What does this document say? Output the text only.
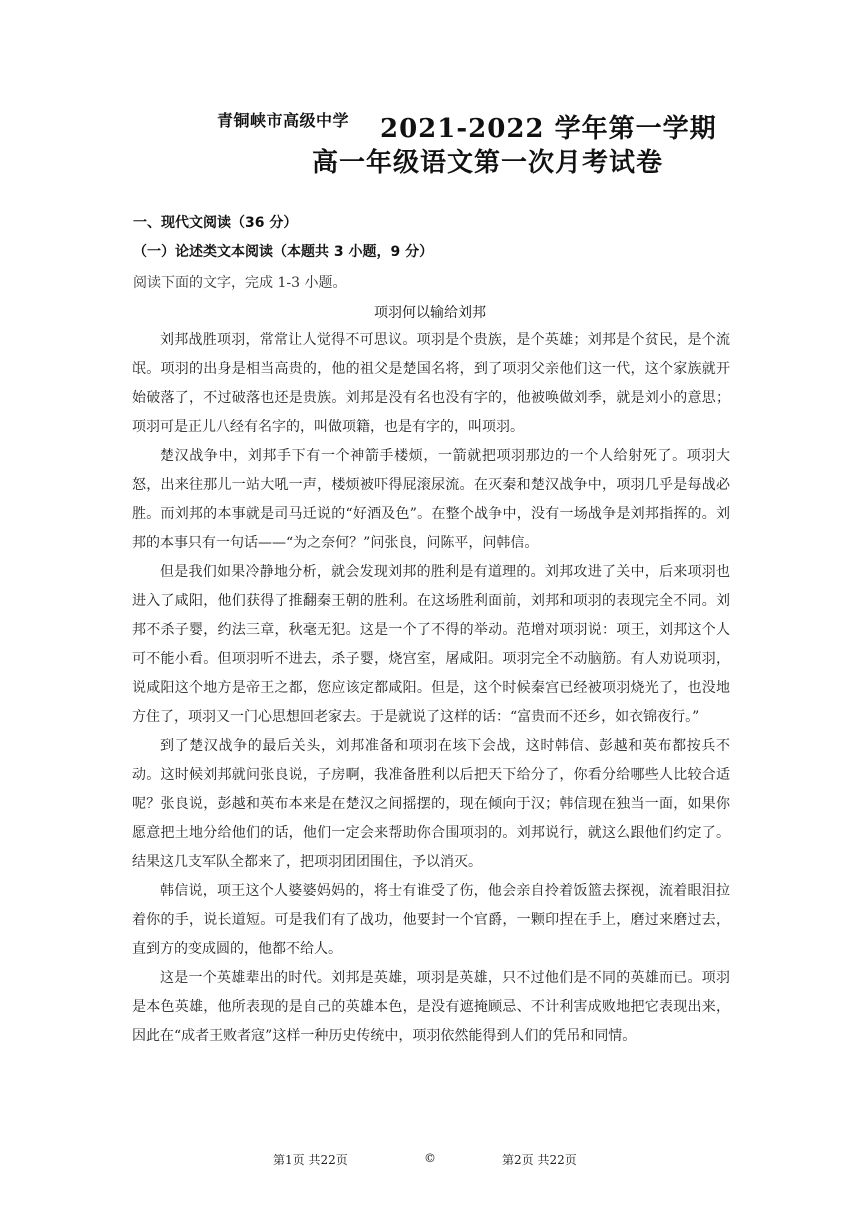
青铜峡市高级中学 2021-2022 学年第一学期
高一年级语文第一次月考试卷
一、现代文阅读（36 分）
（一）论述类文本阅读（本题共 3 小题，9 分）
阅读下面的文字，完成 1-3 小题。
项羽何以输给刘邦

刘邦战胜项羽，常常让人觉得不可思议。项羽是个贵族，是个英雄；刘邦是个贫民，是个流氓。项羽的出身是相当高贵的，他的祖父是楚国名将，到了项羽父亲他们这一代，这个家族就开始破落了，不过破落也还是贵族。刘邦是没有名也没有字的，他被唤做刘季，就是刘小的意思；项羽可是正儿八经有名字的，叫做项籍，也是有字的，叫项羽。

楚汉战争中，刘邦手下有一个神箭手楼烦，一箭就把项羽那边的一个人给射死了。项羽大怒，出来往那儿一站大吼一声，楼烦被吓得屁滚尿流。在灭秦和楚汉战争中，项羽几乎是每战必胜。而刘邦的本事就是司马迁说的“好酒及色”。在整个战争中，没有一场战争是刘邦指挥的。刘邦的本事只有一句话——“为之奈何？”问张良，问陈平，问韩信。

但是我们如果冷静地分析，就会发现刘邦的胜利是有道理的。刘邦攻进了关中，后来项羽也进入了咸阳，他们获得了推翻秦王朝的胜利。在这场胜利面前，刘邦和项羽的表现完全不同。刘邦不杀子婴，约法三章，秋毫无犯。这是一个了不得的举动。范增对项羽说：项王，刘邦这个人可不能小看。但项羽听不进去，杀子婴，烧宫室，屠咸阳。项羽完全不动脑筋。有人劝说项羽，说咸阳这个地方是帝王之都，您应该定都咸阳。但是，这个时候秦宫已经被项羽烧光了，也没地方住了，项羽又一门心思想回老家去。于是就说了这样的话：“富贵而不还乡，如衣锦夜行。”

到了楚汉战争的最后关头，刘邦准备和项羽在垓下会战，这时韩信、彭越和英布都按兵不动。这时候刘邦就问张良说，子房啊，我准备胜利以后把天下给分了，你看分给哪些人比较合适呢？张良说，彭越和英布本来是在楚汉之间摇摆的，现在倾向于汉；韩信现在独当一面，如果你愿意把土地分给他们的话，他们一定会来帮助你合围项羽的。刘邦说行，就这么跟他们约定了。结果这几支军队全都来了，把项羽团团围住，予以消灭。

韩信说，项王这个人婆婆妈妈的，将士有谁受了伤，他会亲自拎着饭篮去探视，流着眼泪拉着你的手，说长道短。可是我们有了战功，他要封一个官爵，一颗印捏在手上，磨过来磨过去，直到方的变成圆的，他都不给人。

这是一个英雄辈出的时代。刘邦是英雄，项羽是英雄，只不过他们是不同的英雄而已。项羽是本色英雄，他所表现的是自己的英雄本色，是没有遮掩顾忌、不计利害成败地把它表现出来，因此在“成者王败者寇”这样一种历史传统中，项羽依然能得到人们的凭吊和同情。

第1页 共22页	©	第2页 共22页
